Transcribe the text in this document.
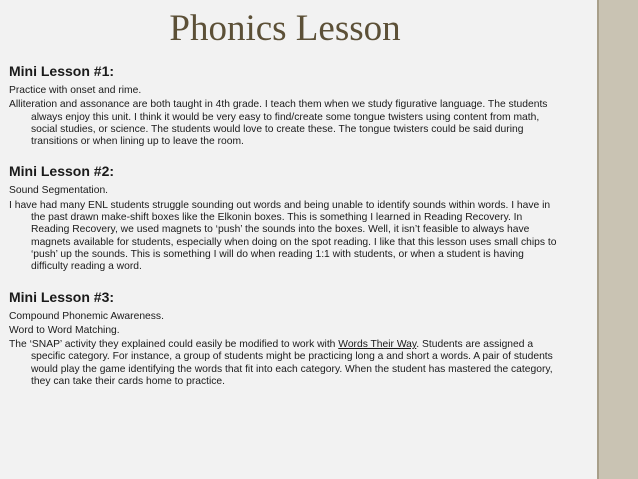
Phonics Lesson
Mini Lesson #1:
Practice with onset and rime.
Alliteration and assonance are both taught in 4th grade. I teach them when we study figurative language. The students always enjoy this unit. I think it would be very easy to find/create some tongue twisters using content from math, social studies, or science. The students would love to create these. The tongue twisters could be said during transitions or when lining up to leave the room.
Mini Lesson #2:
Sound Segmentation.
I have had many ENL students struggle sounding out words and being unable to identify sounds within words. I have in the past drawn make-shift boxes like the Elkonin boxes. This is something I learned in Reading Recovery. In Reading Recovery, we used magnets to ‘push’ the sounds into the boxes. Well, it isn’t feasible to always have magnets available for students, especially when doing on the spot reading. I like that this lesson uses small chips to ‘push’ up the sounds. This is something I will do when reading 1:1 with students, or when a student is having difficulty reading a word.
Mini Lesson #3:
Compound Phonemic Awareness.
Word to Word Matching.
The ‘SNAP’ activity they explained could easily be modified to work with Words Their Way. Students are assigned a specific category. For instance, a group of students might be practicing long a and short a words. A pair of students would play the game identifying the words that fit into each category. When the student has mastered the category, they can take their cards home to practice.
